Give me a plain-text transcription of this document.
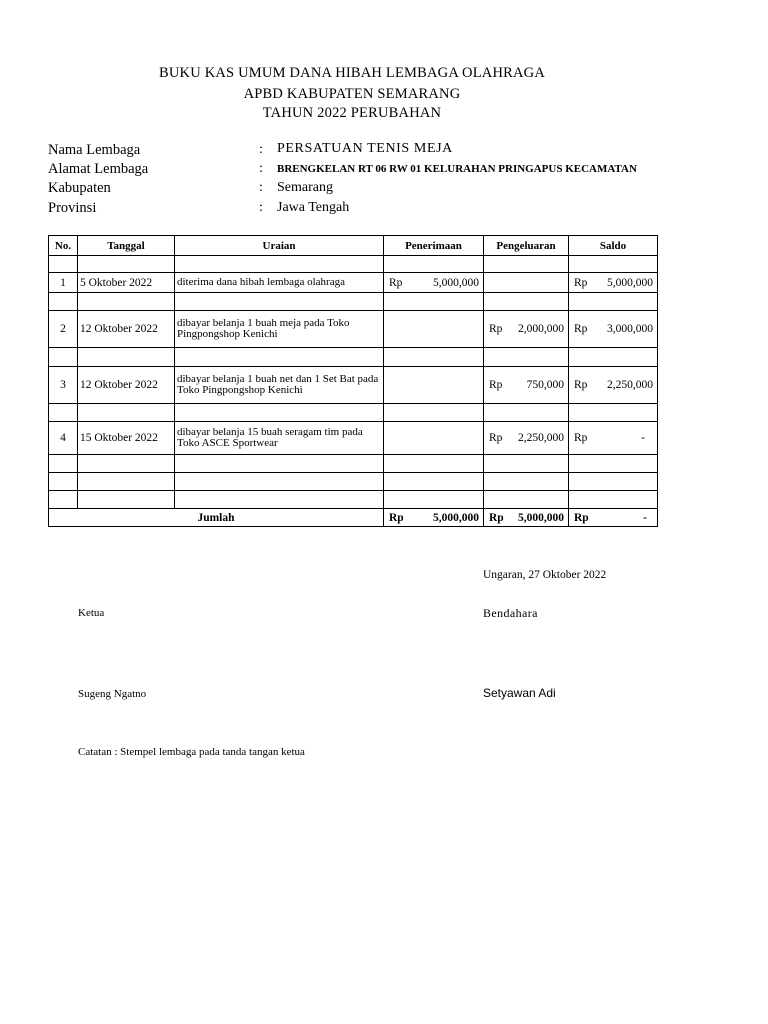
BUKU KAS UMUM DANA HIBAH LEMBAGA OLAHRAGA
APBD KABUPATEN SEMARANG
TAHUN 2022 PERUBAHAN
Nama Lembaga	: PERSATUAN TENIS MEJA
Alamat Lembaga	: BRENGKELAN RT 06 RW 01 KELURAHAN PRINGAPUS KECAMATAN
Kabupaten	: Semarang
Provinsi	: Jawa Tengah
No.	Tanggal	Uraian	Penerimaan	Pengeluaran	Saldo

1	5 Oktober 2022	diterima dana hibah lembaga olahraga	Rp 5,000,000		Rp 5,000,000

2	12 Oktober 2022	dibayar belanja 1 buah meja pada Toko Pingpongshop Kenichi		Rp 2,000,000	Rp 3,000,000

3	12 Oktober 2022	dibayar belanja 1 buah net dan 1 Set Bat pada Toko Pingpongshop Kenichi		Rp 750,000	Rp 2,250,000

4	15 Oktober 2022	dibayar belanja 15 buah seragam tim pada Toko ASCE Sportwear		Rp 2,250,000	Rp -

Jumlah			Rp 5,000,000	Rp 5,000,000	Rp -
Ungaran, 27 Oktober 2022
Ketua	Bendahara
Sugeng Ngatno	Setyawan Adi
Catatan : Stempel lembaga pada tanda tangan ketua
